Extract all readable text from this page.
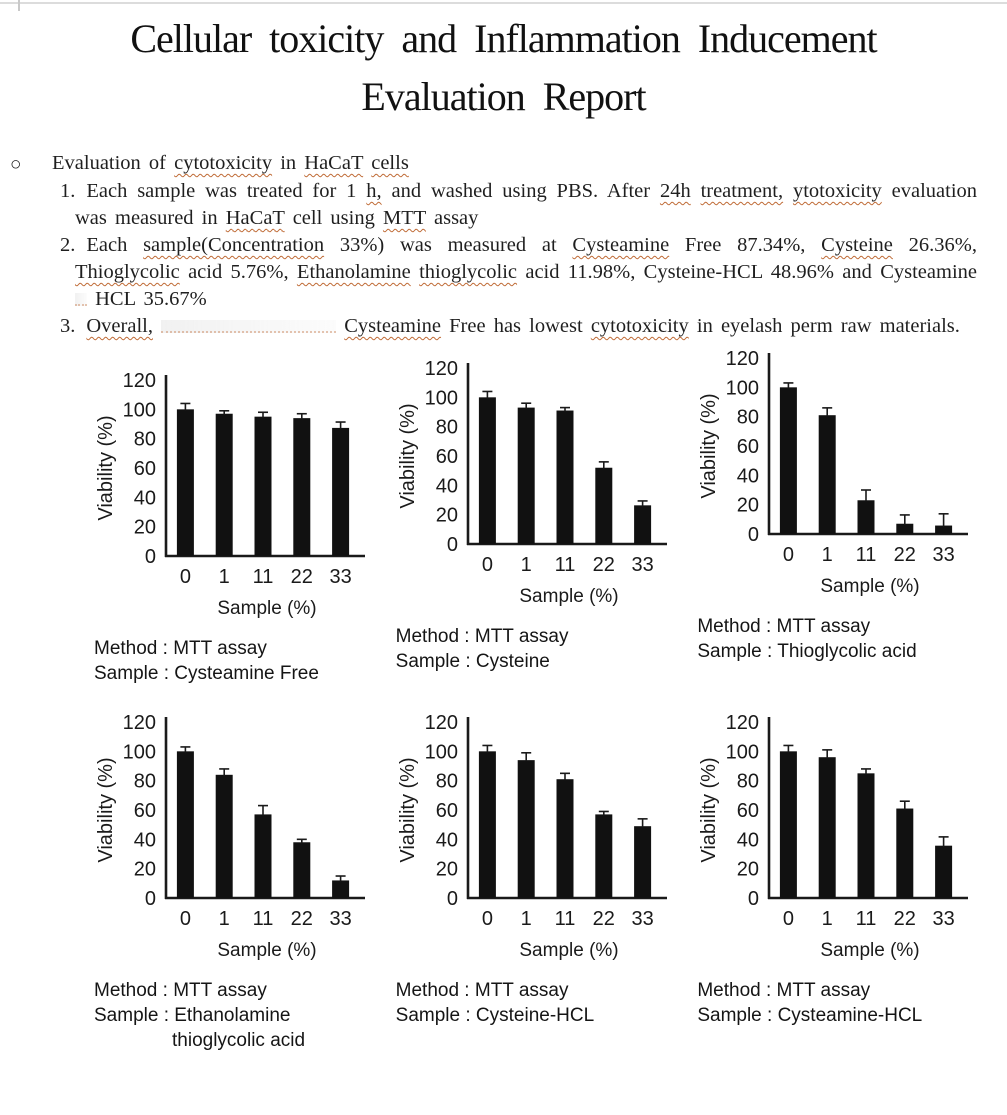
Cellular toxicity and Inflammation Inducement
Evaluation Report
○	Evaluation of cytotoxicity in HaCaT cells
1. Each sample was treated for 1 h, and washed using PBS. After 24h treatment, ytotoxicity evaluation was measured in HaCaT cell using MTT assay
2. Each sample(Concentration 33%) was measured at Cysteamine Free 87.34%, Cysteine 26.36%, Thioglycolic acid 5.76%, Ethanolamine thioglycolic acid 11.98%, Cysteine-HCL 48.96% and Cysteamine HCL 35.67%
3. Overall,	Cysteamine Free has lowest cytotoxicity in eyelash perm raw materials.
0
20
40
60
80
100
120
Viability (%)
0 1 11 22 33
Sample (%)
Method : MTT assay
Sample : Cysteamine Free
0
20
40
60
80
100
120
Viability (%)
0 1 11 22 33
Sample (%)
Method : MTT assay
Sample : Cysteine
0
20
40
60
80
100
120
Viability (%)
0 1 11 22 33
Sample (%)
Method : MTT assay
Sample : Thioglycolic acid
0
20
40
60
80
100
120
Viability (%)
0 1 11 22 33
Sample (%)
Method : MTT assay
Sample : Ethanolamine
thioglycolic acid
0
20
40
60
80
100
120
Viability (%)
0 1 11 22 33
Sample (%)
Method : MTT assay
Sample : Cysteine-HCL
0
20
40
60
80
100
120
Viability (%)
0 1 11 22 33
Sample (%)
Method : MTT assay
Sample : Cysteamine-HCL
